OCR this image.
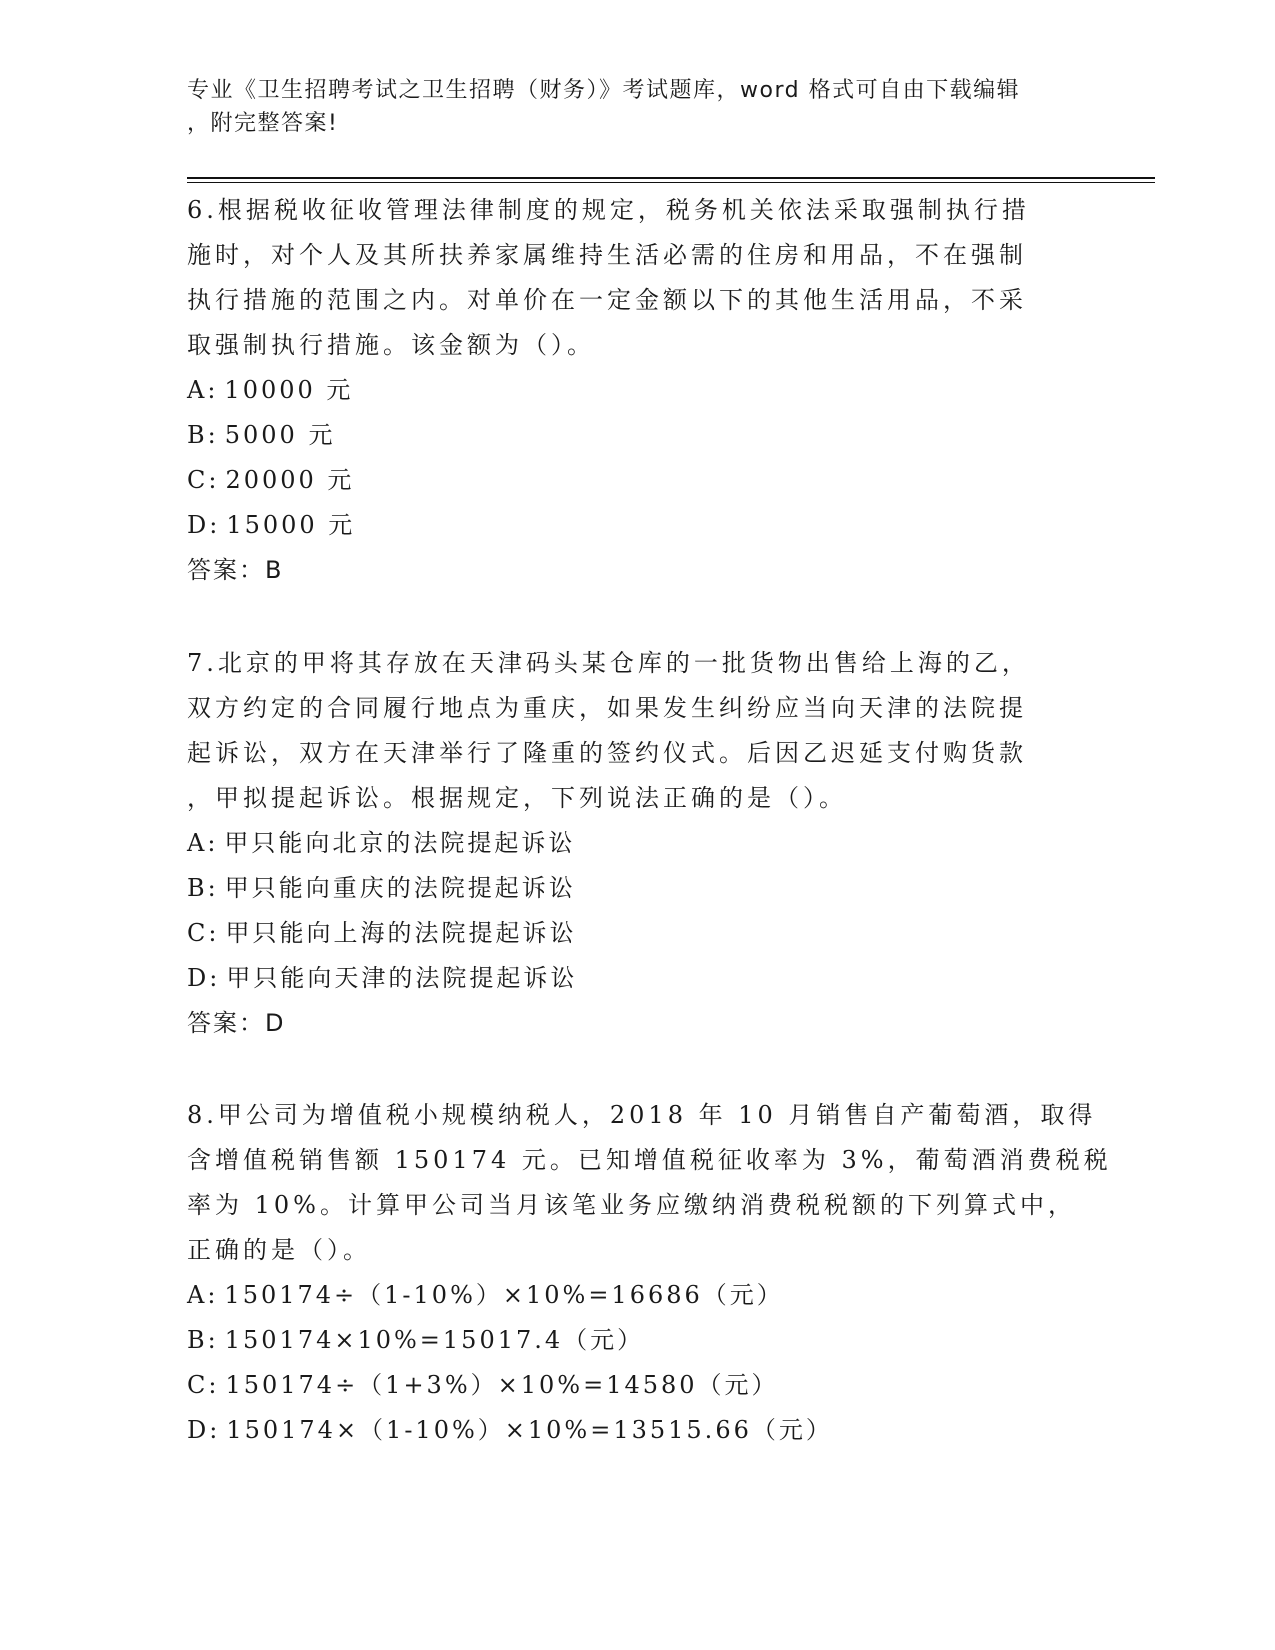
专业《卫生招聘考试之卫生招聘（财务）》考试题库，word 格式可自由下载编辑
，附完整答案!
6.根据税收征收管理法律制度的规定，税务机关依法采取强制执行措
施时，对个人及其所扶养家属维持生活必需的住房和用品，不在强制
执行措施的范围之内。对单价在一定金额以下的其他生活用品，不采
取强制执行措施。该金额为（）。
A: 10000 元
B: 5000 元
C: 20000 元
D: 15000 元
答案：B
7.北京的甲将其存放在天津码头某仓库的一批货物出售给上海的乙，
双方约定的合同履行地点为重庆，如果发生纠纷应当向天津的法院提
起诉讼，双方在天津举行了隆重的签约仪式。后因乙迟延支付购货款
，甲拟提起诉讼。根据规定，下列说法正确的是（）。
A: 甲只能向北京的法院提起诉讼
B: 甲只能向重庆的法院提起诉讼
C: 甲只能向上海的法院提起诉讼
D: 甲只能向天津的法院提起诉讼
答案：D
8.甲公司为增值税小规模纳税人，2018 年 10 月销售自产葡萄酒，取得
含增值税销售额 150174 元。已知增值税征收率为 3%，葡萄酒消费税税
率为 10%。计算甲公司当月该笔业务应缴纳消费税税额的下列算式中，
正确的是（）。
A: 150174÷（1-10%）×10%=16686（元）
B: 150174×10%=15017.4（元）
C: 150174÷（1+3%）×10%=14580（元）
D: 150174×（1-10%）×10%=13515.66（元）
